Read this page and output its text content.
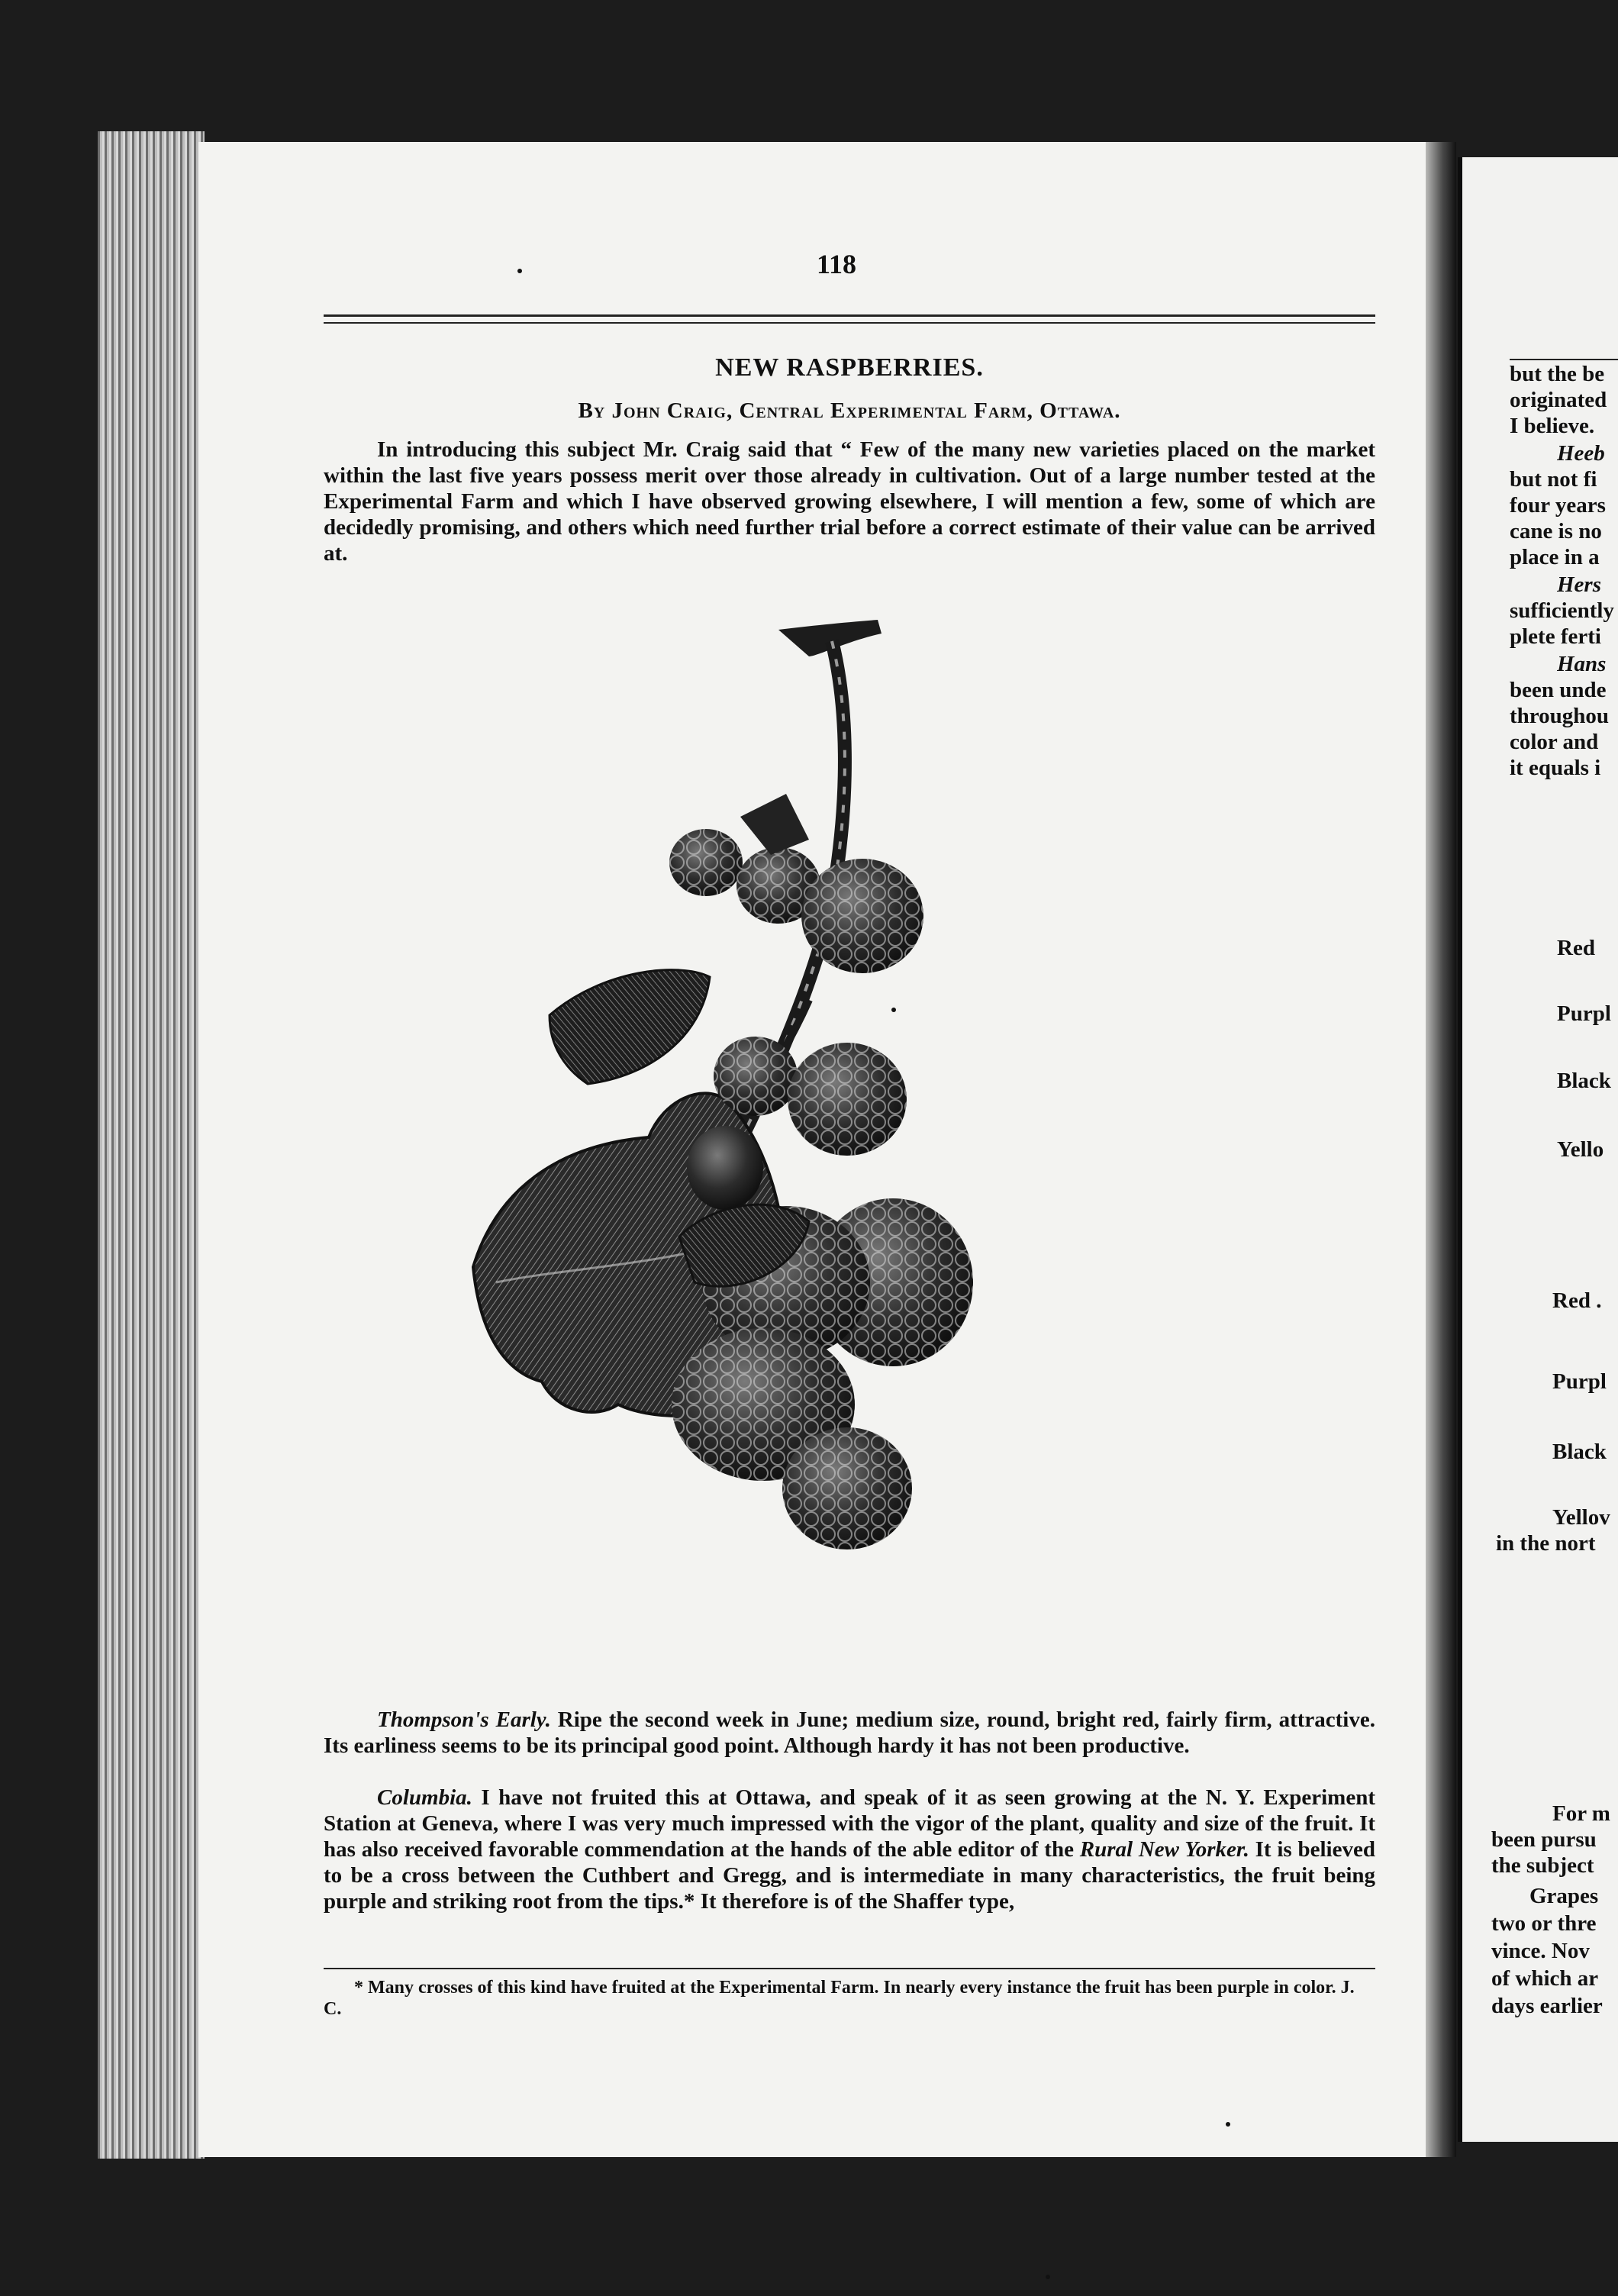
118
NEW RASPBERRIES.
By John Craig, Central Experimental Farm, Ottawa.

In introducing this subject Mr. Craig said that “ Few of the many new varieties placed on the market within the last five years possess merit over those already in cultivation. Out of a large number tested at the Experimental Farm and which I have observed growing elsewhere, I will mention a few, some of which are decidedly promising, and others which need further trial before a correct estimate of their value can be arrived at.

Thompson's Early. Ripe the second week in June; medium size, round, bright red, fairly firm, attractive. Its earliness seems to be its principal good point. Although hardy it has not been productive.

Columbia. I have not fruited this at Ottawa, and speak of it as seen growing at the N. Y. Experiment Station at Geneva, where I was very much impressed with the vigor of the plant, quality and size of the fruit. It has also received favorable commendation at the hands of the able editor of the Rural New Yorker. It is believed to be a cross between the Cuthbert and Gregg, and is intermediate in many characteristics, the fruit being purple and striking root from the tips.* It therefore is of the Shaffer type,

* Many crosses of this kind have fruited at the Experimental Farm. In nearly every instance the fruit has been purple in color. J. C.

but the be
originated
I believe.
Heeb
but not fi
four years
cane is no
place in a
Hers
sufficiently
plete ferti
Hans
been unde
throughou
color and
it equals i
Red
Purpl
Black
Yello
Red .
Purpl
Black
Yellov
in the nort
For m
been pursu
the subject
Grapes
two or thre
vince. Nov
of which ar
days earlier
